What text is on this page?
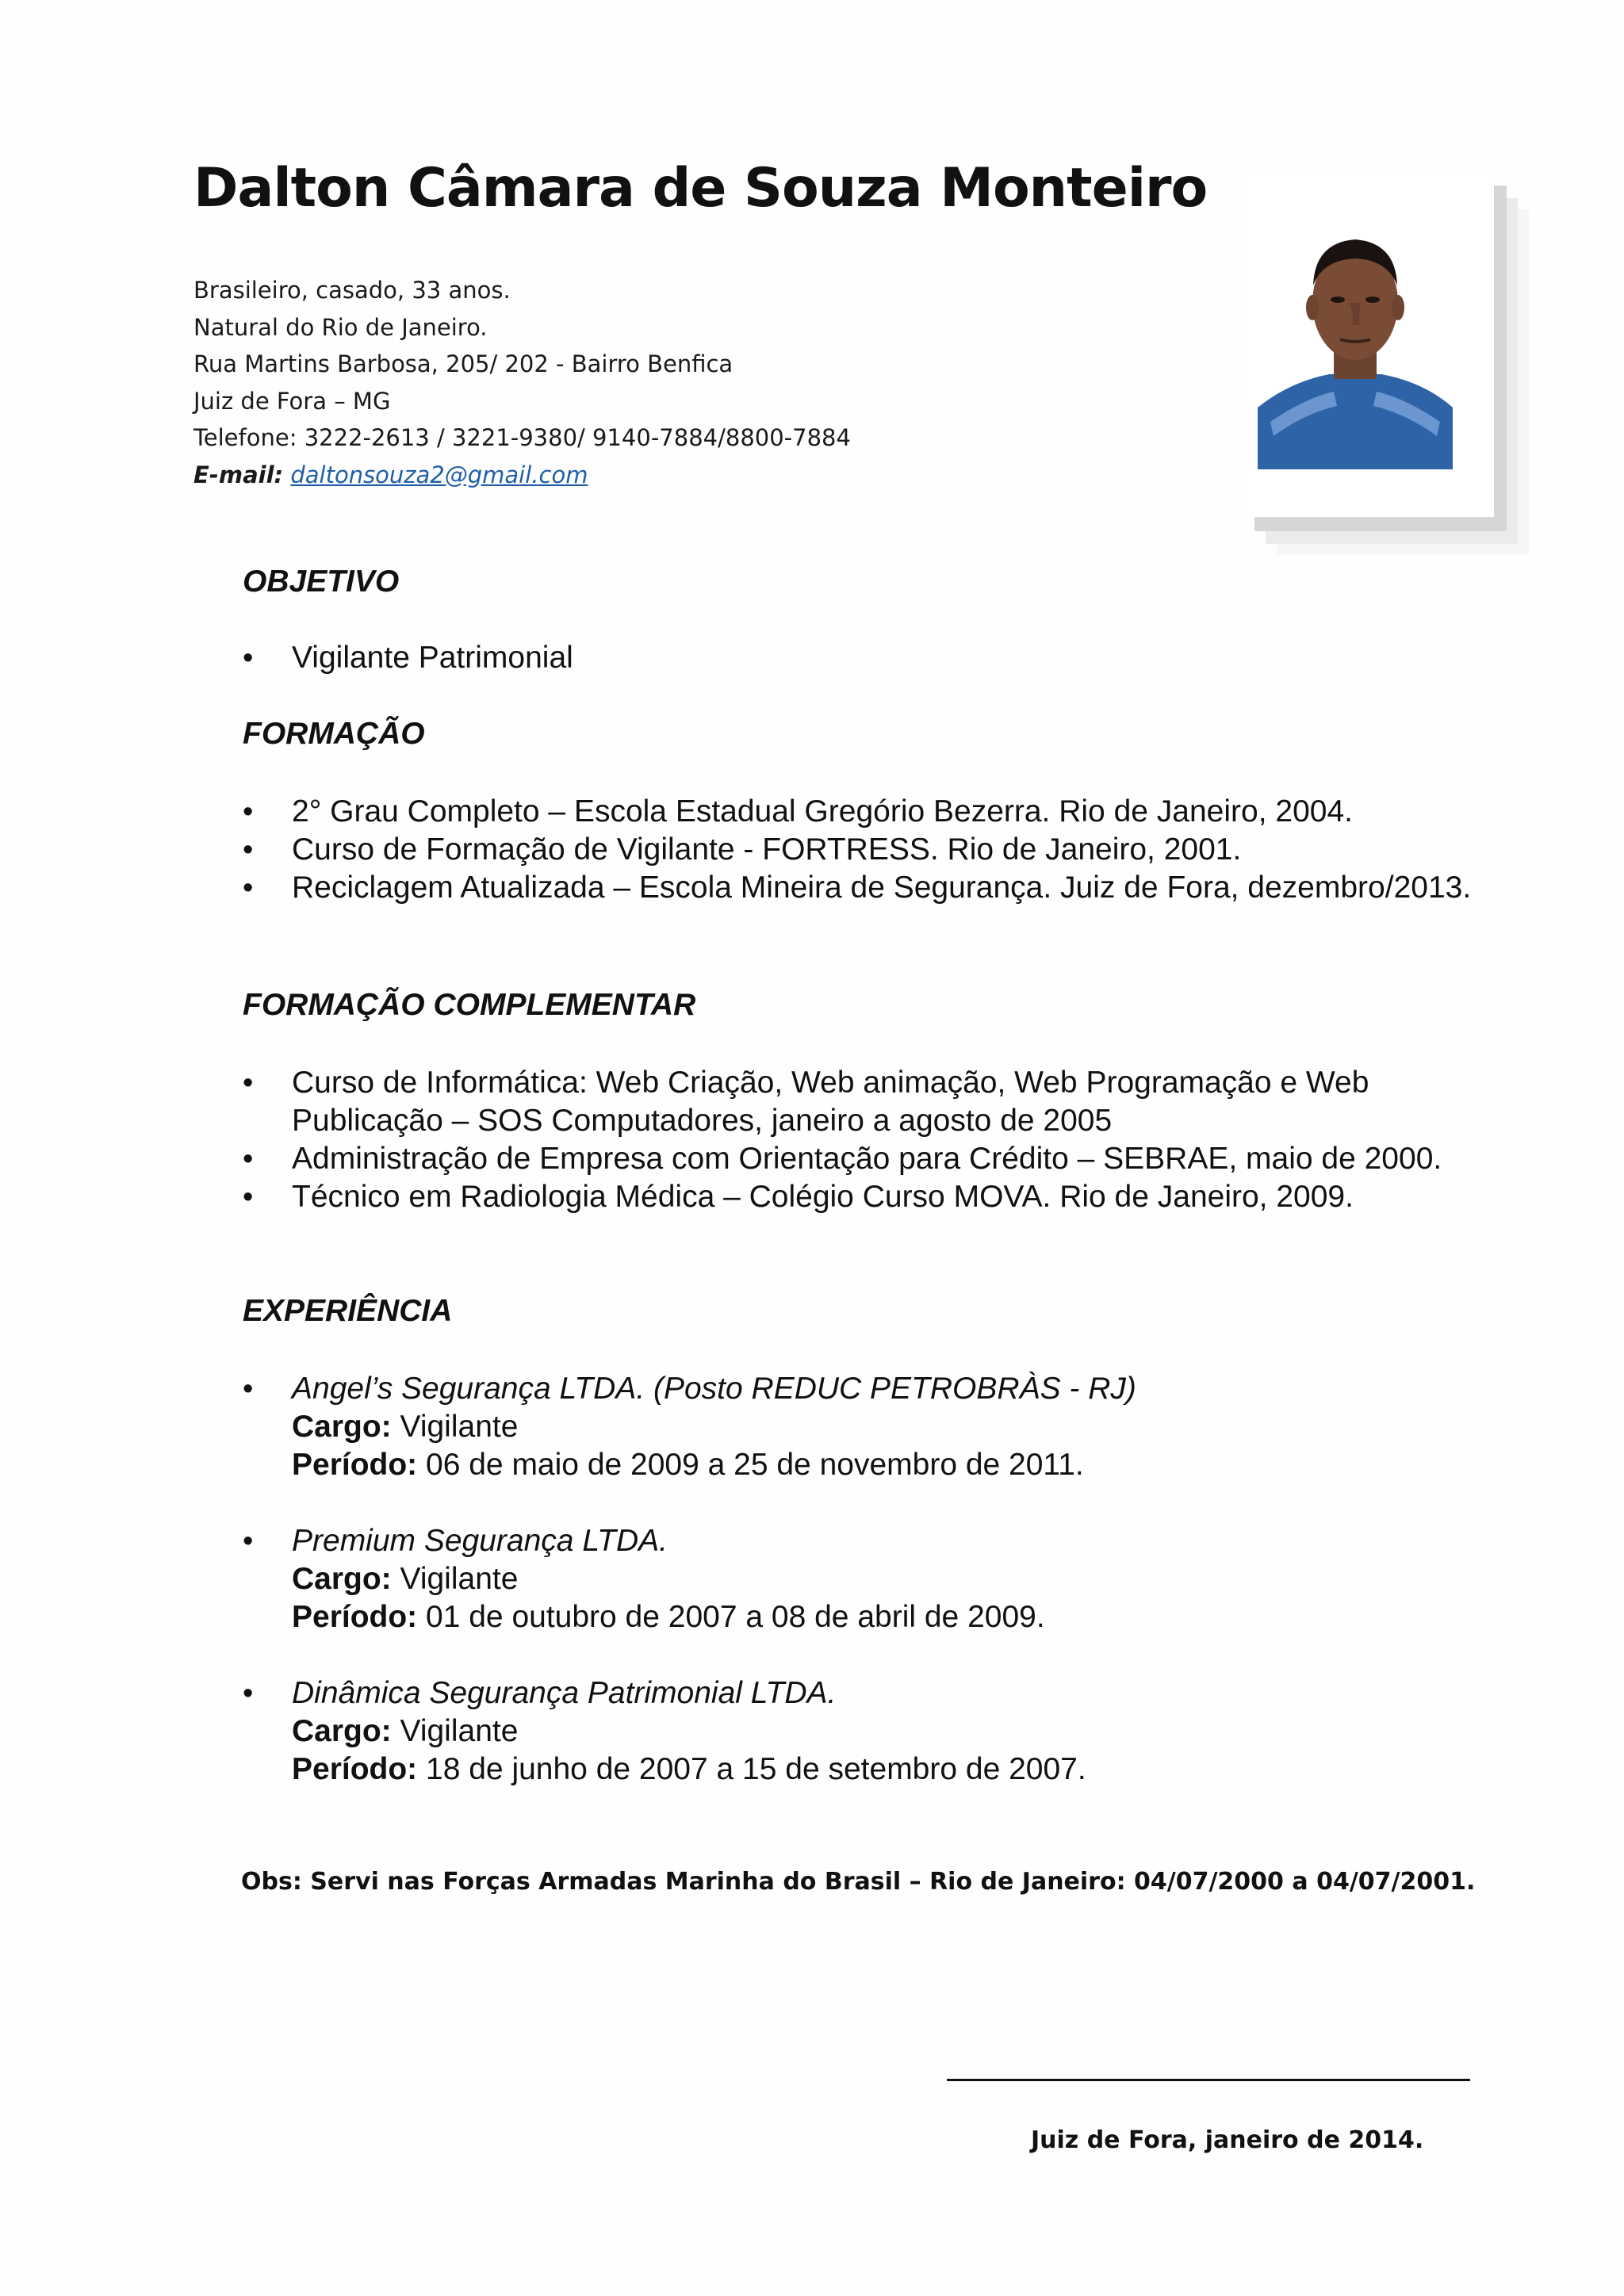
Dalton Câmara de Souza Monteiro
Brasileiro, casado, 33 anos.
Natural do Rio de Janeiro.
Rua Martins Barbosa, 205/ 202 - Bairro Benfica
Juiz de Fora – MG
Telefone: 3222-2613 / 3221-9380/ 9140-7884/8800-7884
E-mail: daltonsouza2@gmail.com
OBJETIVO
• Vigilante Patrimonial
FORMAÇÃO
• 2° Grau Completo – Escola Estadual Gregório Bezerra. Rio de Janeiro, 2004.
• Curso de Formação de Vigilante - FORTRESS. Rio de Janeiro, 2001.
• Reciclagem Atualizada – Escola Mineira de Segurança. Juiz de Fora, dezembro/2013.
FORMAÇÃO COMPLEMENTAR
• Curso de Informática: Web Criação, Web animação, Web Programação e Web Publicação – SOS Computadores, janeiro a agosto de 2005
• Administração de Empresa com Orientação para Crédito – SEBRAE, maio de 2000.
• Técnico em Radiologia Médica – Colégio Curso MOVA. Rio de Janeiro, 2009.
EXPERIÊNCIA
• Angel’s Segurança LTDA. (Posto REDUC PETROBRÀS - RJ)
Cargo: Vigilante
Período: 06 de maio de 2009 a 25 de novembro de 2011.
• Premium Segurança LTDA.
Cargo: Vigilante
Período: 01 de outubro de 2007 a 08 de abril de 2009.
• Dinâmica Segurança Patrimonial LTDA.
Cargo: Vigilante
Período: 18 de junho de 2007 a 15 de setembro de 2007.

Obs: Servi nas Forças Armadas Marinha do Brasil – Rio de Janeiro: 04/07/2000 a 04/07/2001.

Juiz de Fora, janeiro de 2014.
